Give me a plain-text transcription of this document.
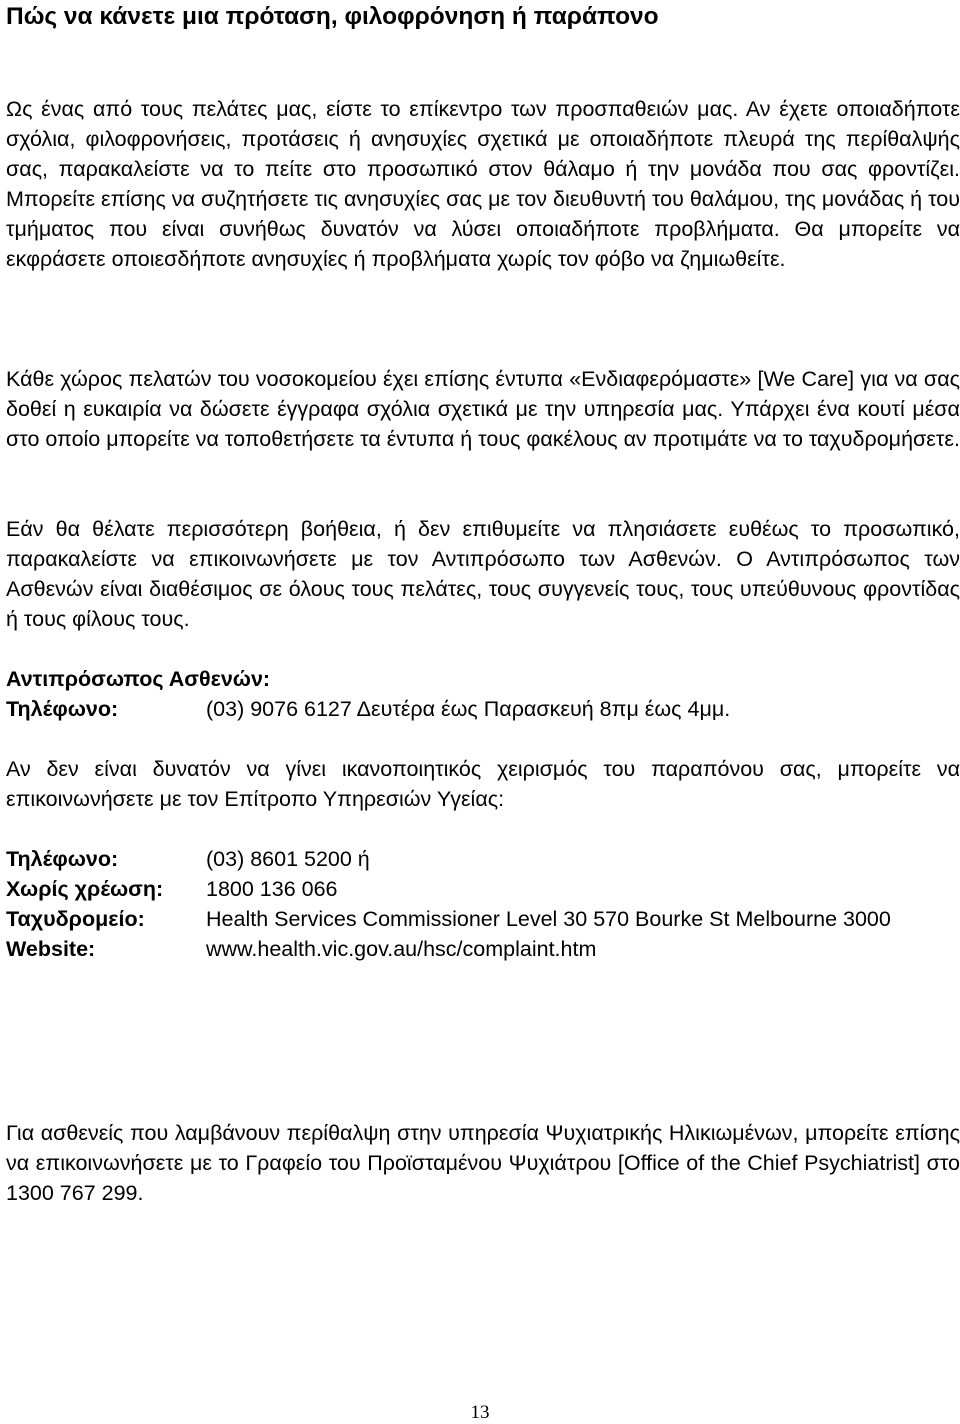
Πώς να κάνετε μια πρόταση, φιλοφρόνηση ή παράπονο

Ως ένας από τους πελάτες μας, είστε το επίκεντρο των προσπαθειών μας. Αν έχετε οποιαδήποτε σχόλια, φιλοφρονήσεις, προτάσεις ή ανησυχίες σχετικά με οποιαδήποτε πλευρά της περίθαλψής σας, παρακαλείστε να το πείτε στο προσωπικό στον θάλαμο ή την μονάδα που σας φροντίζει. Μπορείτε επίσης να συζητήσετε τις ανησυχίες σας με τον διευθυντή του θαλάμου, της μονάδας ή του τμήματος που είναι συνήθως δυνατόν να λύσει οποιαδήποτε προβλήματα. Θα μπορείτε να εκφράσετε οποιεσδήποτε ανησυχίες ή προβλήματα χωρίς τον φόβο να ζημιωθείτε.

Κάθε χώρος πελατών του νοσοκομείου έχει επίσης έντυπα «Ενδιαφερόμαστε» [We Care] για να σας δοθεί η ευκαιρία να δώσετε έγγραφα σχόλια σχετικά με την υπηρεσία μας. Υπάρχει ένα κουτί μέσα στο οποίο μπορείτε να τοποθετήσετε τα έντυπα ή τους φακέλους αν προτιμάτε να το ταχυδρομήσετε.

Εάν θα θέλατε περισσότερη βοήθεια, ή δεν επιθυμείτε να πλησιάσετε ευθέως το προσωπικό, παρακαλείστε να επικοινωνήσετε με τον Αντιπρόσωπο των Ασθενών. Ο Αντιπρόσωπος των Ασθενών είναι διαθέσιμος σε όλους τους πελάτες, τους συγγενείς τους, τους υπεύθυνους φροντίδας ή τους φίλους τους.

Αντιπρόσωπος Ασθενών:
Τηλέφωνο:	(03) 9076 6127 Δευτέρα έως Παρασκευή 8πμ έως 4μμ.

Αν δεν είναι δυνατόν να γίνει ικανοποιητικός χειρισμός του παραπόνου σας, μπορείτε να επικοινωνήσετε με τον Επίτροπο Υπηρεσιών Υγείας:

Τηλέφωνο:	(03) 8601 5200 ή
Χωρίς χρέωση:	1800 136 066
Ταχυδρομείο:	Health Services Commissioner Level 30 570 Bourke St Melbourne 3000
Website:	www.health.vic.gov.au/hsc/complaint.htm

Για ασθενείς που λαμβάνουν περίθαλψη στην υπηρεσία Ψυχιατρικής Ηλικιωμένων, μπορείτε επίσης να επικοινωνήσετε με το Γραφείο του Προϊσταμένου Ψυχιάτρου [Office of the Chief Psychiatrist] στο 1300 767 299.

13
